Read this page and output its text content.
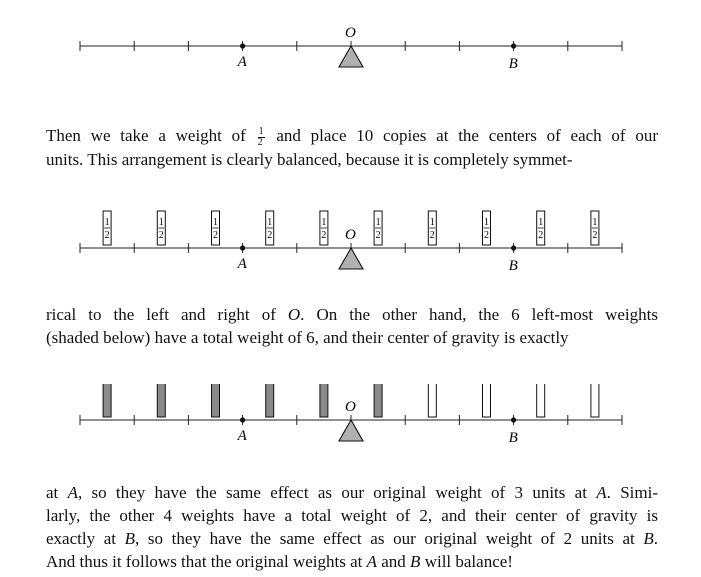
A	B
O

Then we take a weight of $\frac{1}{2}$ and place 10 copies at the centers of each of our
units. This arrangement is clearly balanced, because it is completely symmet-

1
2
1
2
1
2
1
2
1
2
1
2
1
2
1
2
1
2
1
2
A	B
O

rical to the left and right of O. On the other hand, the 6 left-most weights
(shaded below) have a total weight of 6, and their center of gravity is exactly

A	B
O

at A, so they have the same effect as our original weight of 3 units at A. Simi-
larly, the other 4 weights have a total weight of 2, and their center of gravity is
exactly at B, so they have the same effect as our original weight of 2 units at B.
And thus it follows that the original weights at A and B will balance!
